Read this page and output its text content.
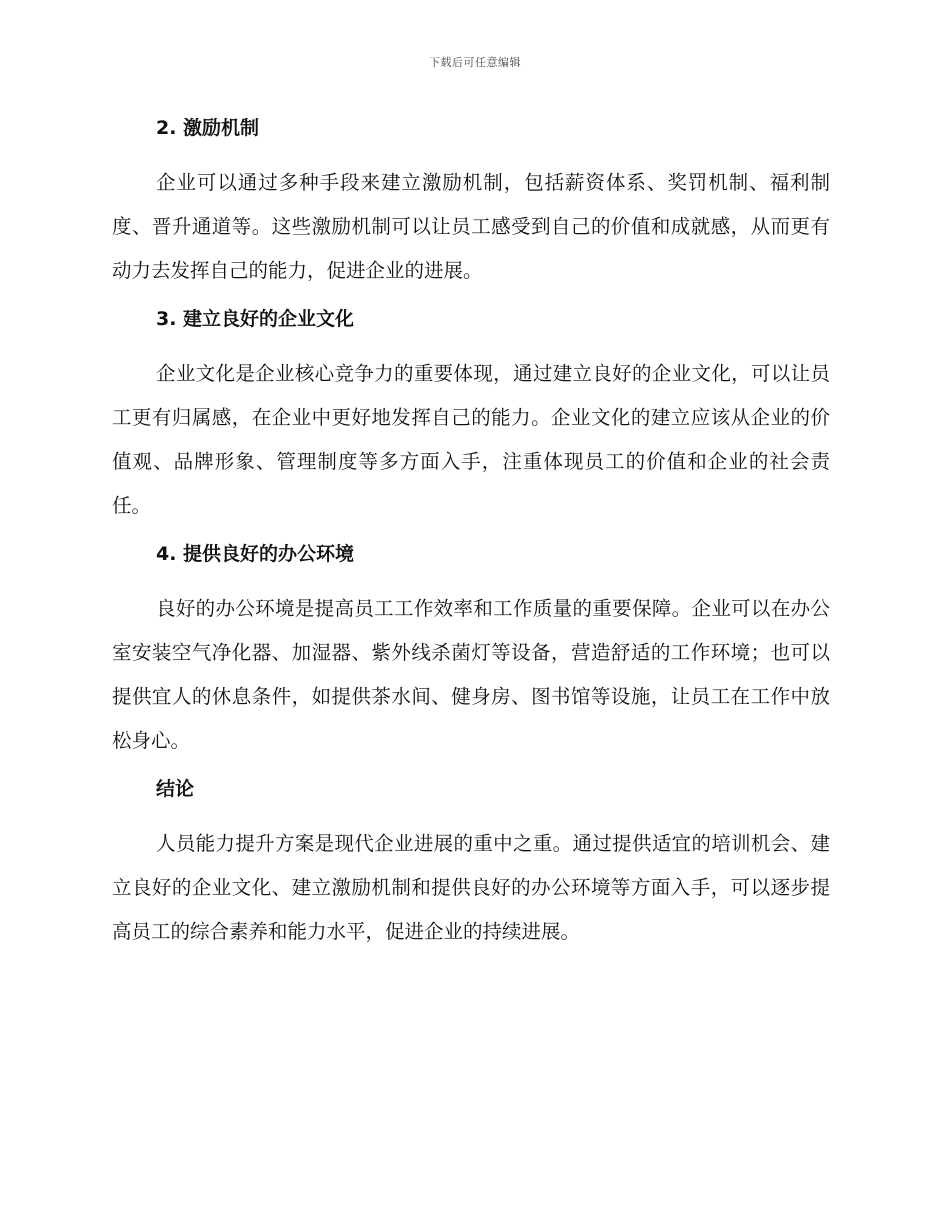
下载后可任意编辑
2. 激励机制

企业可以通过多种手段来建立激励机制，包括薪资体系、奖罚机制、福利制度、晋升通道等。这些激励机制可以让员工感受到自己的价值和成就感，从而更有动力去发挥自己的能力，促进企业的进展。

3. 建立良好的企业文化

企业文化是企业核心竞争力的重要体现，通过建立良好的企业文化，可以让员工更有归属感，在企业中更好地发挥自己的能力。企业文化的建立应该从企业的价值观、品牌形象、管理制度等多方面入手，注重体现员工的价值和企业的社会责任。

4. 提供良好的办公环境

良好的办公环境是提高员工工作效率和工作质量的重要保障。企业可以在办公室安装空气净化器、加湿器、紫外线杀菌灯等设备，营造舒适的工作环境；也可以提供宜人的休息条件，如提供茶水间、健身房、图书馆等设施，让员工在工作中放松身心。

结论

人员能力提升方案是现代企业进展的重中之重。通过提供适宜的培训机会、建立良好的企业文化、建立激励机制和提供良好的办公环境等方面入手，可以逐步提高员工的综合素养和能力水平，促进企业的持续进展。
